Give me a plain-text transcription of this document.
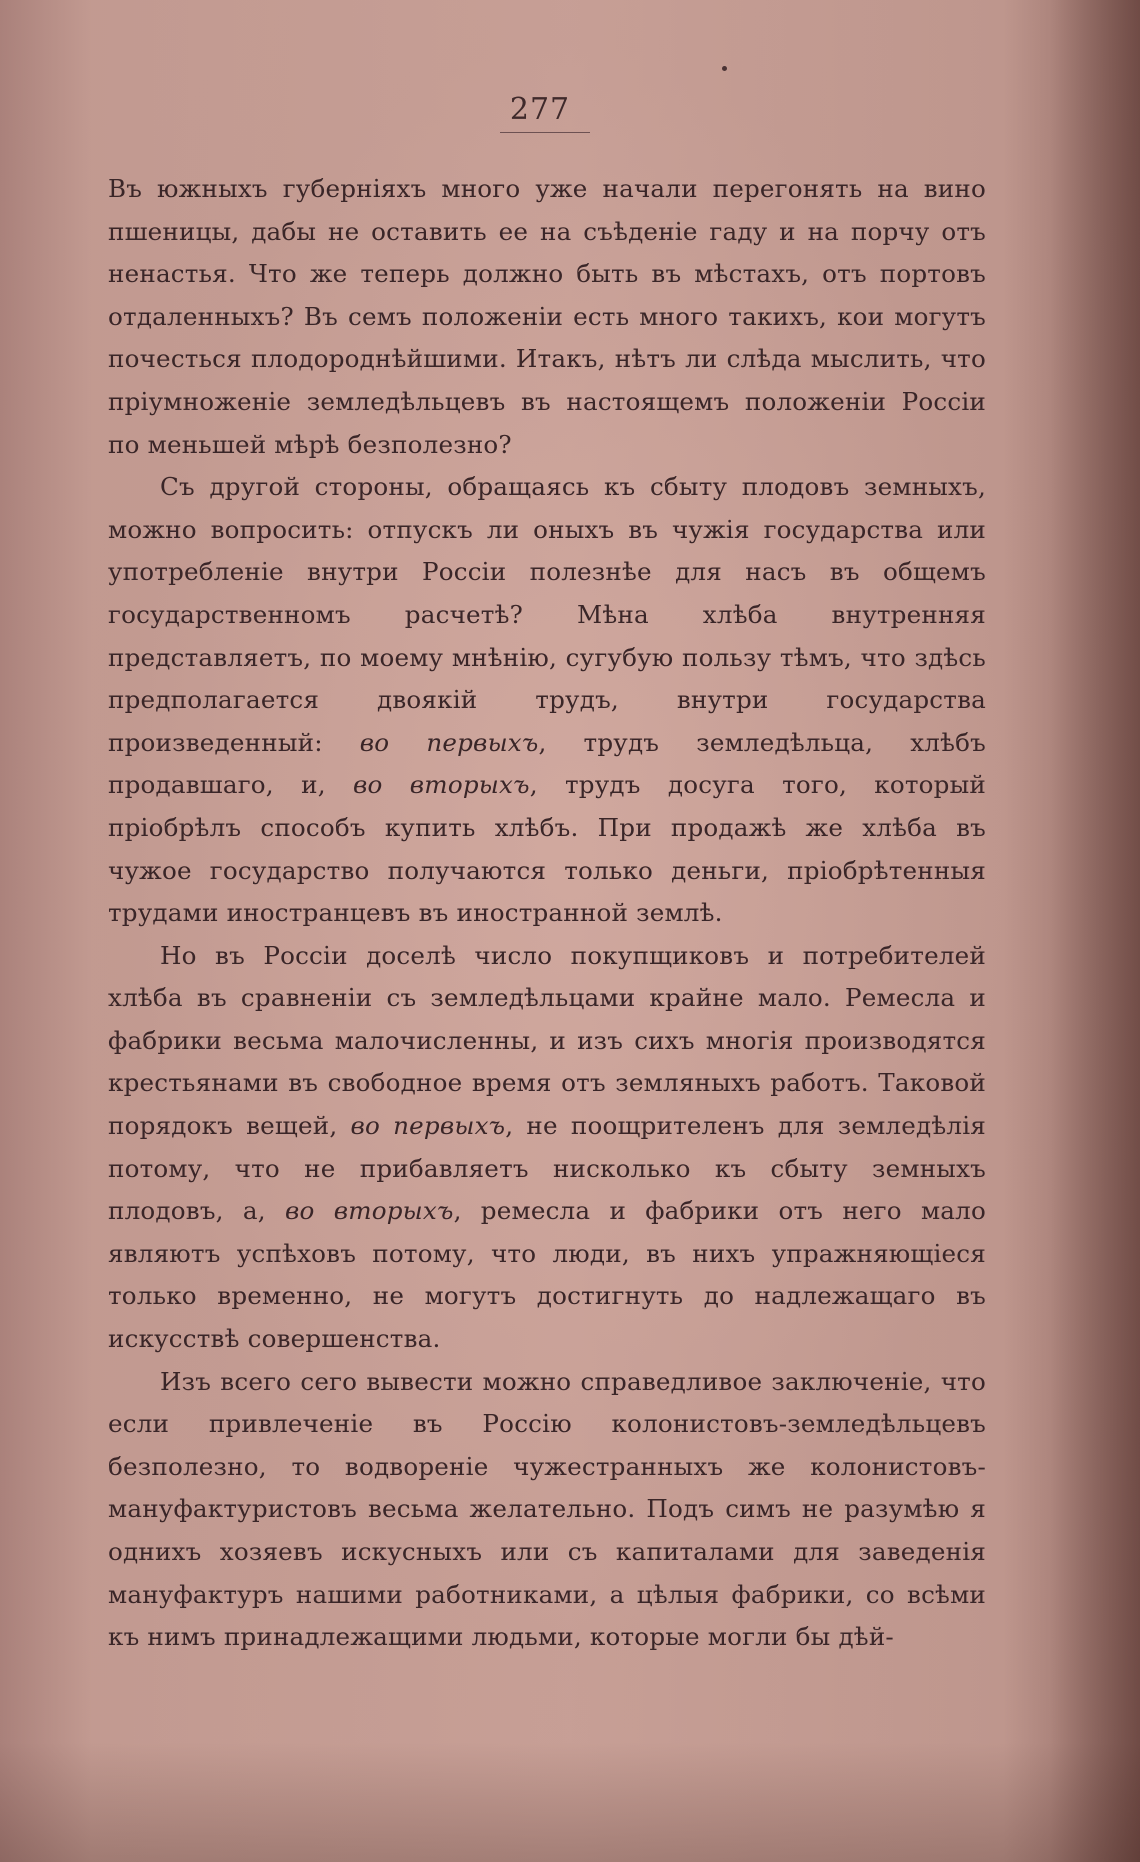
277

Въ южныхъ губерніяхъ много уже начали перегонять на вино пшеницы, дабы не оставить ее на съѣденіе гаду и на порчу отъ ненастья. Что же теперь должно быть въ мѣстахъ, отъ портовъ отдаленныхъ? Въ семъ положеніи есть много такихъ, кои могутъ почесться плодороднѣйшими. Итакъ, нѣтъ ли слѣда мыслить, что пріумноженіе земледѣльцевъ въ настоящемъ положеніи Россіи по меньшей мѣрѣ безполезно?

Съ другой стороны, обращаясь къ сбыту плодовъ земныхъ, можно вопросить: отпускъ ли оныхъ въ чужія государства или употребленіе внутри Россіи полезнѣе для насъ въ общемъ государственномъ расчетѣ? Мѣна хлѣба внутренняя представляетъ, по моему мнѣнію, сугубую пользу тѣмъ, что здѣсь предполагается двоякій трудъ, внутри государства произведенный: во первыхъ, трудъ земледѣльца, хлѣбъ продавшаго, и, во вторыхъ, трудъ досуга того, который пріобрѣлъ способъ купить хлѣбъ. При продажѣ же хлѣба въ чужое государство получаются только деньги, пріобрѣтенныя трудами иностранцевъ въ иностранной землѣ.

Но въ Россіи доселѣ число покупщиковъ и потребителей хлѣба въ сравненіи съ земледѣльцами крайне мало. Ремесла и фабрики весьма малочисленны, и изъ сихъ многія производятся крестьянами въ свободное время отъ земляныхъ работъ. Таковой порядокъ вещей, во первыхъ, не поощрителенъ для земледѣлія потому, что не прибавляетъ нисколько къ сбыту земныхъ плодовъ, а, во вторыхъ, ремесла и фабрики отъ него мало являютъ успѣховъ потому, что люди, въ нихъ упражняющіеся только временно, не могутъ достигнуть до надлежащаго въ искусствѣ совершенства.

Изъ всего сего вывести можно справедливое заключеніе, что если привлеченіе въ Россію колонистовъ-земледѣльцевъ безполезно, то водвореніе чужестранныхъ же колонистовъ-мануфактуристовъ весьма желательно. Подъ симъ не разумѣю я однихъ хозяевъ искусныхъ или съ капиталами для заведенія мануфактуръ нашими работниками, а цѣлыя фабрики, со всѣми къ нимъ принадлежащими людьми, которые могли бы дѣй-
